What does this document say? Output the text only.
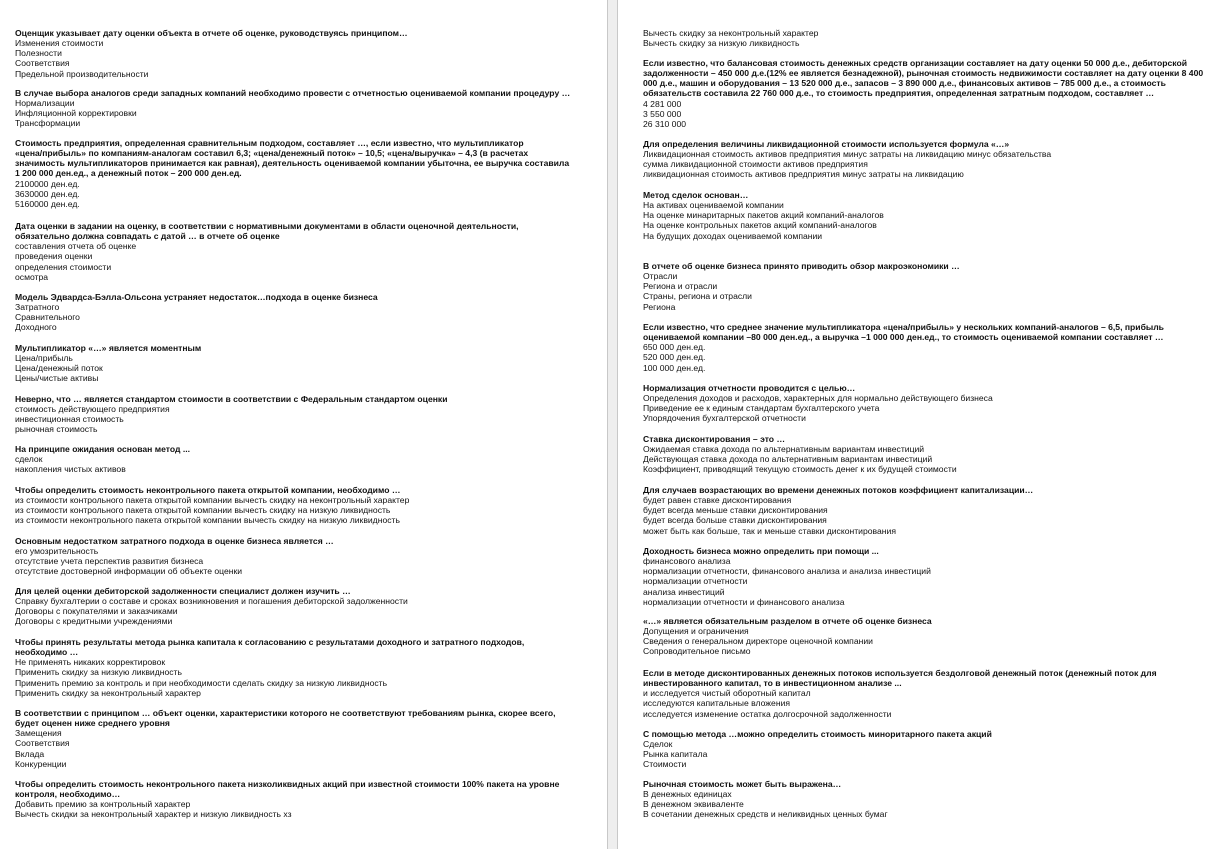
Оценщик указывает дату оценки объекта в отчете об оценке, руководствуясь принципом…
Изменения стоимости
Полезности
Соответствия
Предельной производительности
В случае выбора аналогов среди западных компаний необходимо провести с отчетностью оцениваемой компании процедуру …
Нормализации
Инфляционной корректировки
Трансформации
Стоимость предприятия, определенная сравнительным подходом, составляет …, если известно, что мультипликатор
«цена/прибыль» по компаниям-аналогам составил 6,3; «цена/денежный поток» – 10,5; «цена/выручка» – 4,3 (в расчетах
значимость мультипликаторов принимается как равная), деятельность оцениваемой компании убыточна, ее выручка составила
1 200 000 ден.ед., а денежный поток – 200 000 ден.ед.
2100000 ден.ед.
3630000 ден.ед.
5160000 ден.ед.
Дата оценки в задании на оценку, в соответствии с нормативными документами в области оценочной деятельности,
обязательно должна совпадать с датой … в отчете об оценке
составления отчета об оценке
проведения оценки
определения стоимости
осмотра
Модель Эдвардса-Бэлла-Ольсона устраняет недостаток…подхода в оценке бизнеса
Затратного
Сравнительного
Доходного
Мультипликатор «…» является моментным
Цена/прибыль
Цена/денежный поток
Цены/чистые активы
Неверно, что … является стандартом стоимости в соответствии с Федеральным стандартом оценки
стоимость действующего предприятия
инвестиционная стоимость
рыночная стоимость
На принципе ожидания основан метод ...
сделок
накопления чистых активов
Чтобы определить стоимость неконтрольного пакета открытой компании, необходимо …
из стоимости контрольного пакета открытой компании вычесть скидку на неконтрольный характер
из стоимости контрольного пакета открытой компании вычесть скидку на низкую ликвидность
из стоимости неконтрольного пакета открытой компании вычесть скидку на низкую ликвидность
Основным недостатком затратного подхода в оценке бизнеса является …
его умозрительность
отсутствие учета перспектив развития бизнеса
отсутствие достоверной информации об объекте оценки
Для целей оценки дебиторской задолженности специалист должен изучить …
Справку бухгалтерии о составе и сроках возникновения и погашения дебиторской задолженности
Договоры с покупателями и заказчиками
Договоры с кредитными учреждениями
Чтобы принять результаты метода рынка капитала к согласованию с результатами доходного и затратного подходов,
необходимо …
Не применять никаких корректировок
Применить скидку за низкую ликвидность
Применить премию за контроль и при необходимости сделать скидку за низкую ликвидность
Применить скидку за неконтрольный характер
В соответствии с принципом … объект оценки, характеристики которого не соответствуют требованиям рынка, скорее всего,
будет оценен ниже среднего уровня
Замещения
Соответствия
Вклада
Конкуренции
Чтобы определить стоимость неконтрольного пакета низколиквидных акций при известной стоимости 100% пакета на уровне
контроля, необходимо…
Добавить премию за контрольный характер
Вычесть скидки за неконтрольный характер и низкую ликвидность хз
Вычесть скидку за неконтрольный характер
Вычесть скидку за низкую ликвидность
Если известно, что балансовая стоимость денежных средств организации составляет на дату оценки 50 000 д.е., дебиторской
задолженности – 450 000 д.е.(12% ее является безнадежной), рыночная стоимость недвижимости составляет на дату оценки 8 400
000 д.е., машин и оборудования – 13 520 000 д.е., запасов – 3 890 000 д.е., финансовых активов – 785 000 д.е., а стоимость
обязательств составила 22 760 000 д.е., то стоимость предприятия, определенная затратным подходом, составляет …
4 281 000
3 550 000
26 310 000
Для определения величины ликвидационной стоимости используется формула «…»
Ликвидационная стоимость активов предприятия минус затраты на ликвидацию минус обязательства
сумма ликвидационной стоимости активов предприятия
ликвидационная стоимость активов предприятия минус затраты на ликвидацию
Метод сделок основан…
На активах оцениваемой компании
На оценке минаритарных пакетов акций компаний-аналогов
На оценке контрольных пакетов акций компаний-аналогов
На будущих доходах оцениваемой компании
В отчете об оценке бизнеса принято приводить обзор макроэкономики …
Отрасли
Региона и отрасли
Страны, региона и отрасли
Региона
Если известно, что среднее значение мультипликатора «цена/прибыль» у нескольких компаний-аналогов – 6,5, прибыль
оцениваемой компании –80 000 ден.ед., а выручка –1 000 000 ден.ед., то стоимость оцениваемой компании составляет …
650 000 ден.ед.
520 000 ден.ед.
100 000 ден.ед.
Нормализация отчетности проводится с целью…
Определения доходов и расходов, характерных для нормально действующего бизнеса
Приведение ее к единым стандартам бухгалтерского учета
Упорядочения бухгалтерской отчетности
Ставка дисконтирования – это …
Ожидаемая ставка дохода по альтернативным вариантам инвестиций
Действующая ставка дохода по альтернативным вариантам инвестиций
Коэффициент, приводящий текущую стоимость денег к их будущей стоимости
Для случаев возрастающих во времени денежных потоков коэффициент капитализации…
будет равен ставке дисконтирования
будет всегда меньше ставки дисконтирования
будет всегда больше ставки дисконтирования
может быть как больше, так и меньше ставки дисконтирования
Доходность бизнеса можно определить при помощи ...
финансового анализа
нормализации отчетности, финансового анализа и анализа инвестиций
нормализации отчетности
анализа инвестиций
нормализации отчетности и финансового анализа
«…» является обязательным разделом в отчете об оценке бизнеса
Допущения и ограничения
Сведения о генеральном директоре оценочной компании
Сопроводительное письмо
Если в методе дисконтированных денежных потоков используется бездолговой денежный поток (денежный поток для
инвестированного капитал, то в инвестиционном анализе ...
и исследуется чистый оборотный капитал
исследуются капитальные вложения
исследуется изменение остатка долгосрочной задолженности
С помощью метода …можно определить стоимость миноритарного пакета акций
Сделок
Рынка капитала
Стоимости
Рыночная стоимость может быть выражена…
В денежных единицах
В денежном эквиваленте
В сочетании денежных средств и неликвидных ценных бумаг
